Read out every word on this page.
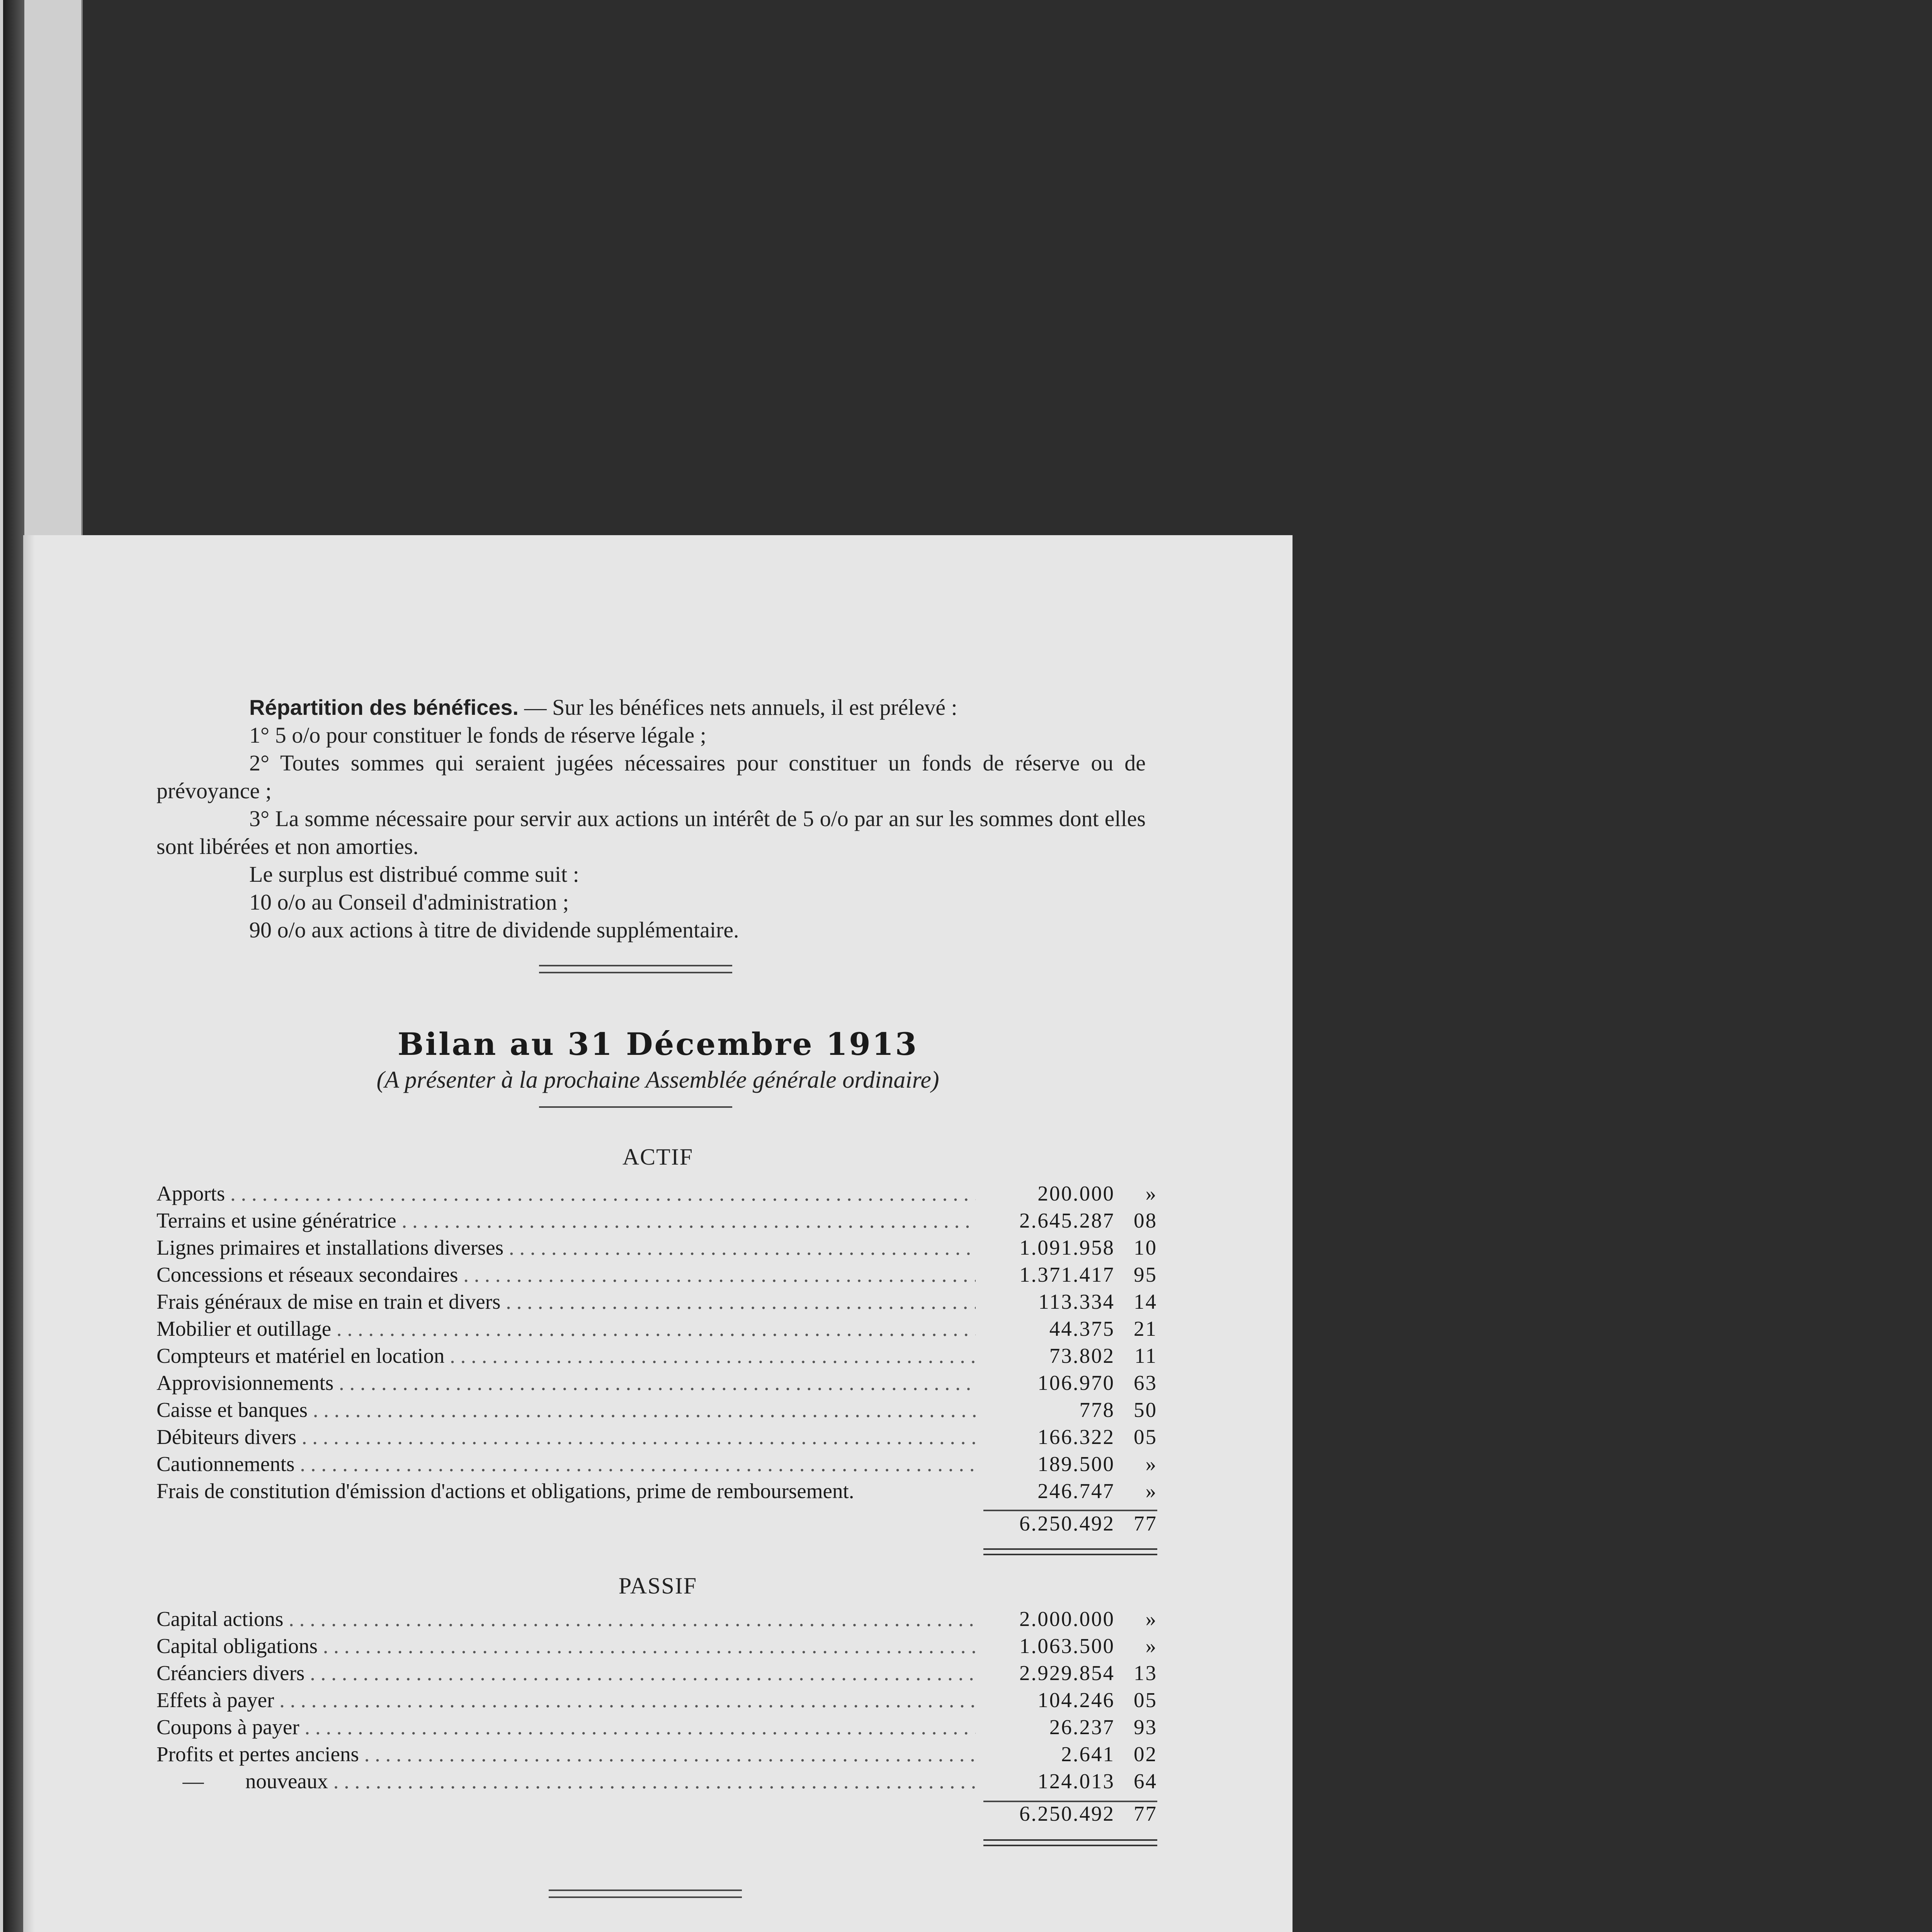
Répartition des bénéfices. — Sur les bénéfices nets annuels, il est prélevé :
1° 5 o/o pour constituer le fonds de réserve légale ;
2° Toutes sommes qui seraient jugées nécessaires pour constituer un fonds de réserve ou de prévoyance ;
3° La somme nécessaire pour servir aux actions un intérêt de 5 o/o par an sur les sommes dont elles sont libérées et non amorties.
Le surplus est distribué comme suit :
10 o/o au Conseil d'administration ;
90 o/o aux actions à titre de dividende supplémentaire.
Bilan au 31 Décembre 1913
(A présenter à la prochaine Assemblée générale ordinaire)
ACTIF
Apports . . .	200.000	»
Terrains et usine génératrice . . .	2.645.287 08
Lignes primaires et installations diverses . . .	1.091.958 10
Concessions et réseaux secondaires . . .	1.371.417 95
Frais généraux de mise en train et divers . . .	113.334 14
Mobilier et outillage . . .	44.375 21
Compteurs et matériel en location . . .	73.802 11
Approvisionnements . . .	106.970 63
Caisse et banques . . .	778 50
Débiteurs divers . . .	166.322 05
Cautionnements . . .	189.500	»
Frais de constitution d'émission d'actions et obligations, prime de remboursement.	246.747	»
6.250.492 77
PASSIF
Capital actions . . .	2.000.000	»
Capital obligations . . .	1.063.500	»
Créanciers divers . . .	2.929.854 13
Effets à payer . . .	104.246 05
Coupons à payer . . .	26.237 93
Profits et pertes anciens . . .	2.641 02
— nouveaux . . .	124.013 64
6.250.492 77
